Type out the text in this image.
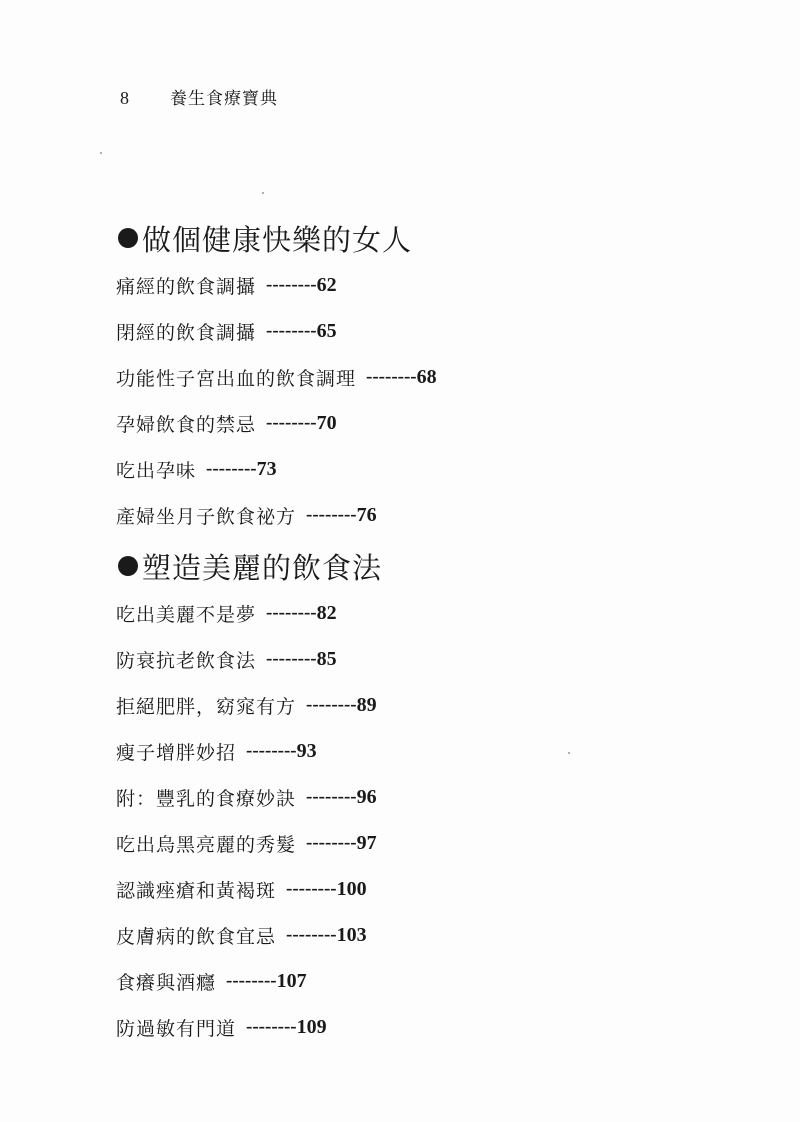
8	養生食療寶典
做個健康快樂的女人
痛經的飲食調攝 -------- 62
閉經的飲食調攝 -------- 65
功能性子宮出血的飲食調理 -------- 68
孕婦飲食的禁忌 -------- 70
吃出孕味 -------- 73
產婦坐月子飲食祕方 -------- 76
塑造美麗的飲食法
吃出美麗不是夢 -------- 82
防衰抗老飲食法 -------- 85
拒絕肥胖，窈窕有方 -------- 89
瘦子增胖妙招 -------- 93
附：豐乳的食療妙訣 -------- 96
吃出烏黑亮麗的秀髮 -------- 97
認識痤瘡和黃褐斑 -------- 100
皮膚病的飲食宜忌 -------- 103
食癢與酒癮 -------- 107
防過敏有門道 -------- 109
